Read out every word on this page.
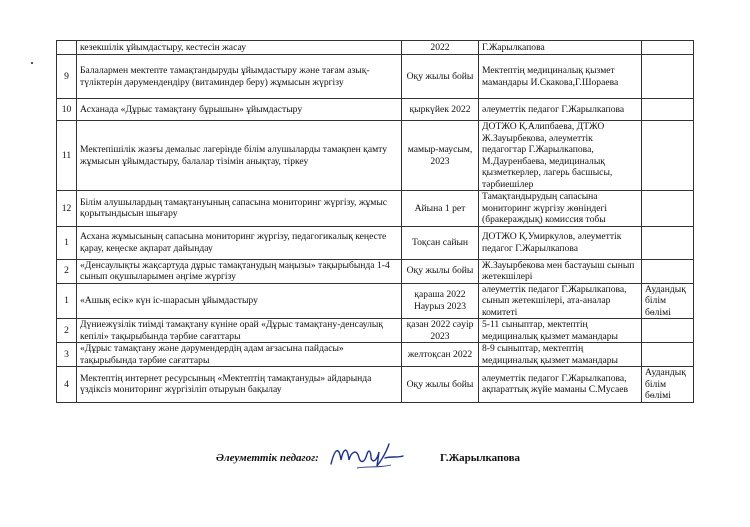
	кезекшілік ұйымдастыру, кестесін жасау	2022	Г.Жарылкапова	
9	Балалармен мектепте тамақтандыруды ұйымдастыру және тағам азық-түліктерін дәрумендендіру (витаминдер беру) жұмысын жүргізу	Оқу жылы бойы	Мектептің медициналық қызмет мамандары И.Скакова,Г.Шораева	
10	Асханада «Дұрыс тамақтану бұрышын» ұйымдастыру	қыркүйек 2022	әлеуметтік педагог Г.Жарылкапова	
11	Мектепішілік жазғы демалыс лагерінде білім алушыларды тамақпен қамту жұмысын ұйымдастыру, балалар тізімін анықтау, тіркеу	мамыр-маусым, 2023	ДОТЖО Қ.Алипбаева, ДТЖО Ж.Зауырбекова, әлеуметтік педагогтар Г.Жарылкапова, М.Дауренбаева, медициналық қызметкерлер, лагерь басшысы, тәрбиешілер	
12	Білім алушылардың тамақтануының сапасына мониторинг жүргізу, жұмыс қорытындысын шығару	Айына 1 рет	Тамақтандырудың сапасына мониторинг жүргізу жөніндегі (бракераждық) комиссия тобы	
1	Асхана жұмысының сапасына мониторинг жүргізу, педагогикалық кеңесте қарау, кеңеске ақпарат дайындау	Тоқсан сайын	ДОТЖО Қ.Умиркулов, әлеуметтік педагог Г.Жарылкапова	
2	«Денсаулықты жақсартуда дұрыс тамақтанудың маңызы» тақырыбында 1-4 сынып оқушыларымен әңгіме жүргізу	Оқу жылы бойы	Ж.Зауырбекова мен бастауыш сынып жетекшілері	
1	«Ашық есік» күн іс-шарасын ұйымдастыру	қараша 2022 Наурыз 2023	әлеуметтік педагог Г.Жарылкапова, сынып жетекшілері, ата-аналар комитеті	Аудандық білім бөлімі
2	Дүниежүзілік тиімді тамақтану күніне орай «Дұрыс тамақтану-денсаулық кепілі» тақырыбында тәрбие сағаттары	қазан 2022 сәуір 2023	5-11 сыныптар, мектептің медициналық қызмет мамандары	
3	«Дұрыс тамақтану және дәрумендердің адам ағзасына пайдасы» тақырыбында тәрбие сағаттары	желтоқсан 2022	8-9 сыныптар, мектептің медициналық қызмет мамандары	
4	Мектептің интернет ресурсының «Мектептің тамақтануды» айдарында үздіксіз мониторинг жүргізіліп отыруын бақылау	Оқу жылы бойы	әлеуметтік педагог Г.Жарылкапова, ақпараттық жүйе маманы С.Мусаев	Аудандық білім бөлімі
Әлеуметтік педагог:	Г.Жарылкапова
